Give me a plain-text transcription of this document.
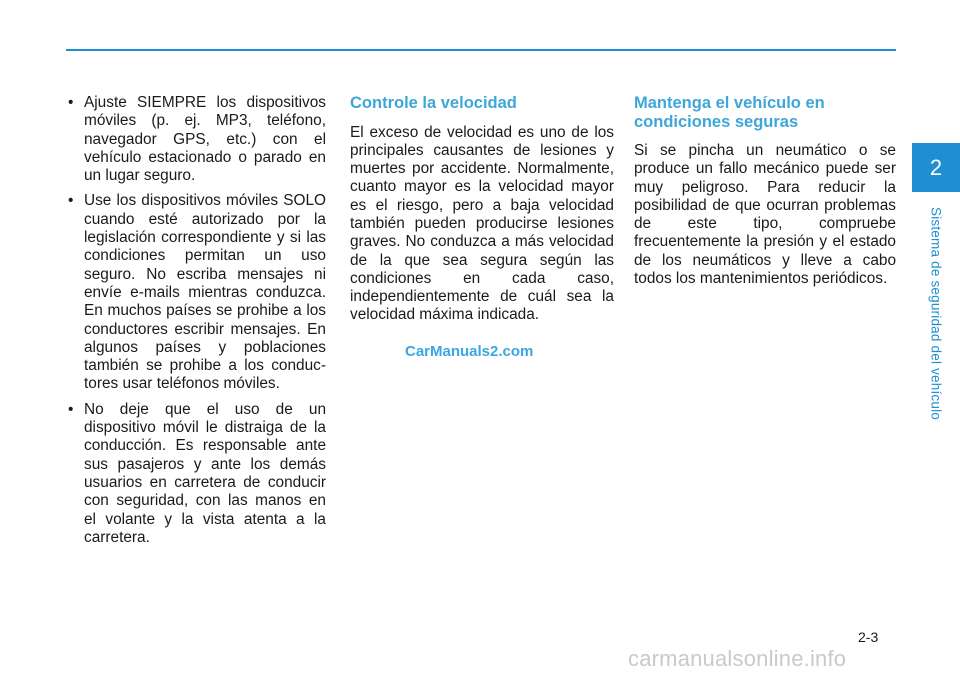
• Ajuste SIEMPRE los dispositivos móviles (p. ej. MP3, teléfono, navegador GPS, etc.) con el vehículo estacionado o parado en un lugar seguro.
• Use los dispositivos móviles SOLO cuando esté autorizado por la legislación correspondiente y si las condiciones permitan un uso seguro. No escriba mensajes ni envíe e-mails mientras conduzca. En muchos países se prohibe a los conductores escribir mensajes. En algunos países y poblaciones también se prohibe a los conduc-tores usar teléfonos móviles.
• No deje que el uso de un dispositivo móvil le distraiga de la conducción. Es responsable ante sus pasajeros y ante los demás usuarios en carretera de conducir con seguridad, con las manos en el volante y la vista atenta a la carretera.
Controle la velocidad

El exceso de velocidad es uno de los principales causantes de lesiones y muertes por accidente. Normalmente, cuanto mayor es la velocidad mayor es el riesgo, pero a baja velocidad también pueden producirse lesiones graves. No conduzca a más velocidad de la que sea segura según las condiciones en cada caso, independientemente de cuál sea la velocidad máxima indicada.

Mantenga el vehículo en condiciones seguras

Si se pincha un neumático o se produce un fallo mecánico puede ser muy peligroso. Para reducir la posibilidad de que ocurran problemas de este tipo, compruebe frecuentemente la presión y el estado de los neumáticos y lleve a cabo todos los mantenimientos periódicos.

CarManuals2.com
2
Sistema de seguridad del vehículo
2-3
carmanualsonline.info
